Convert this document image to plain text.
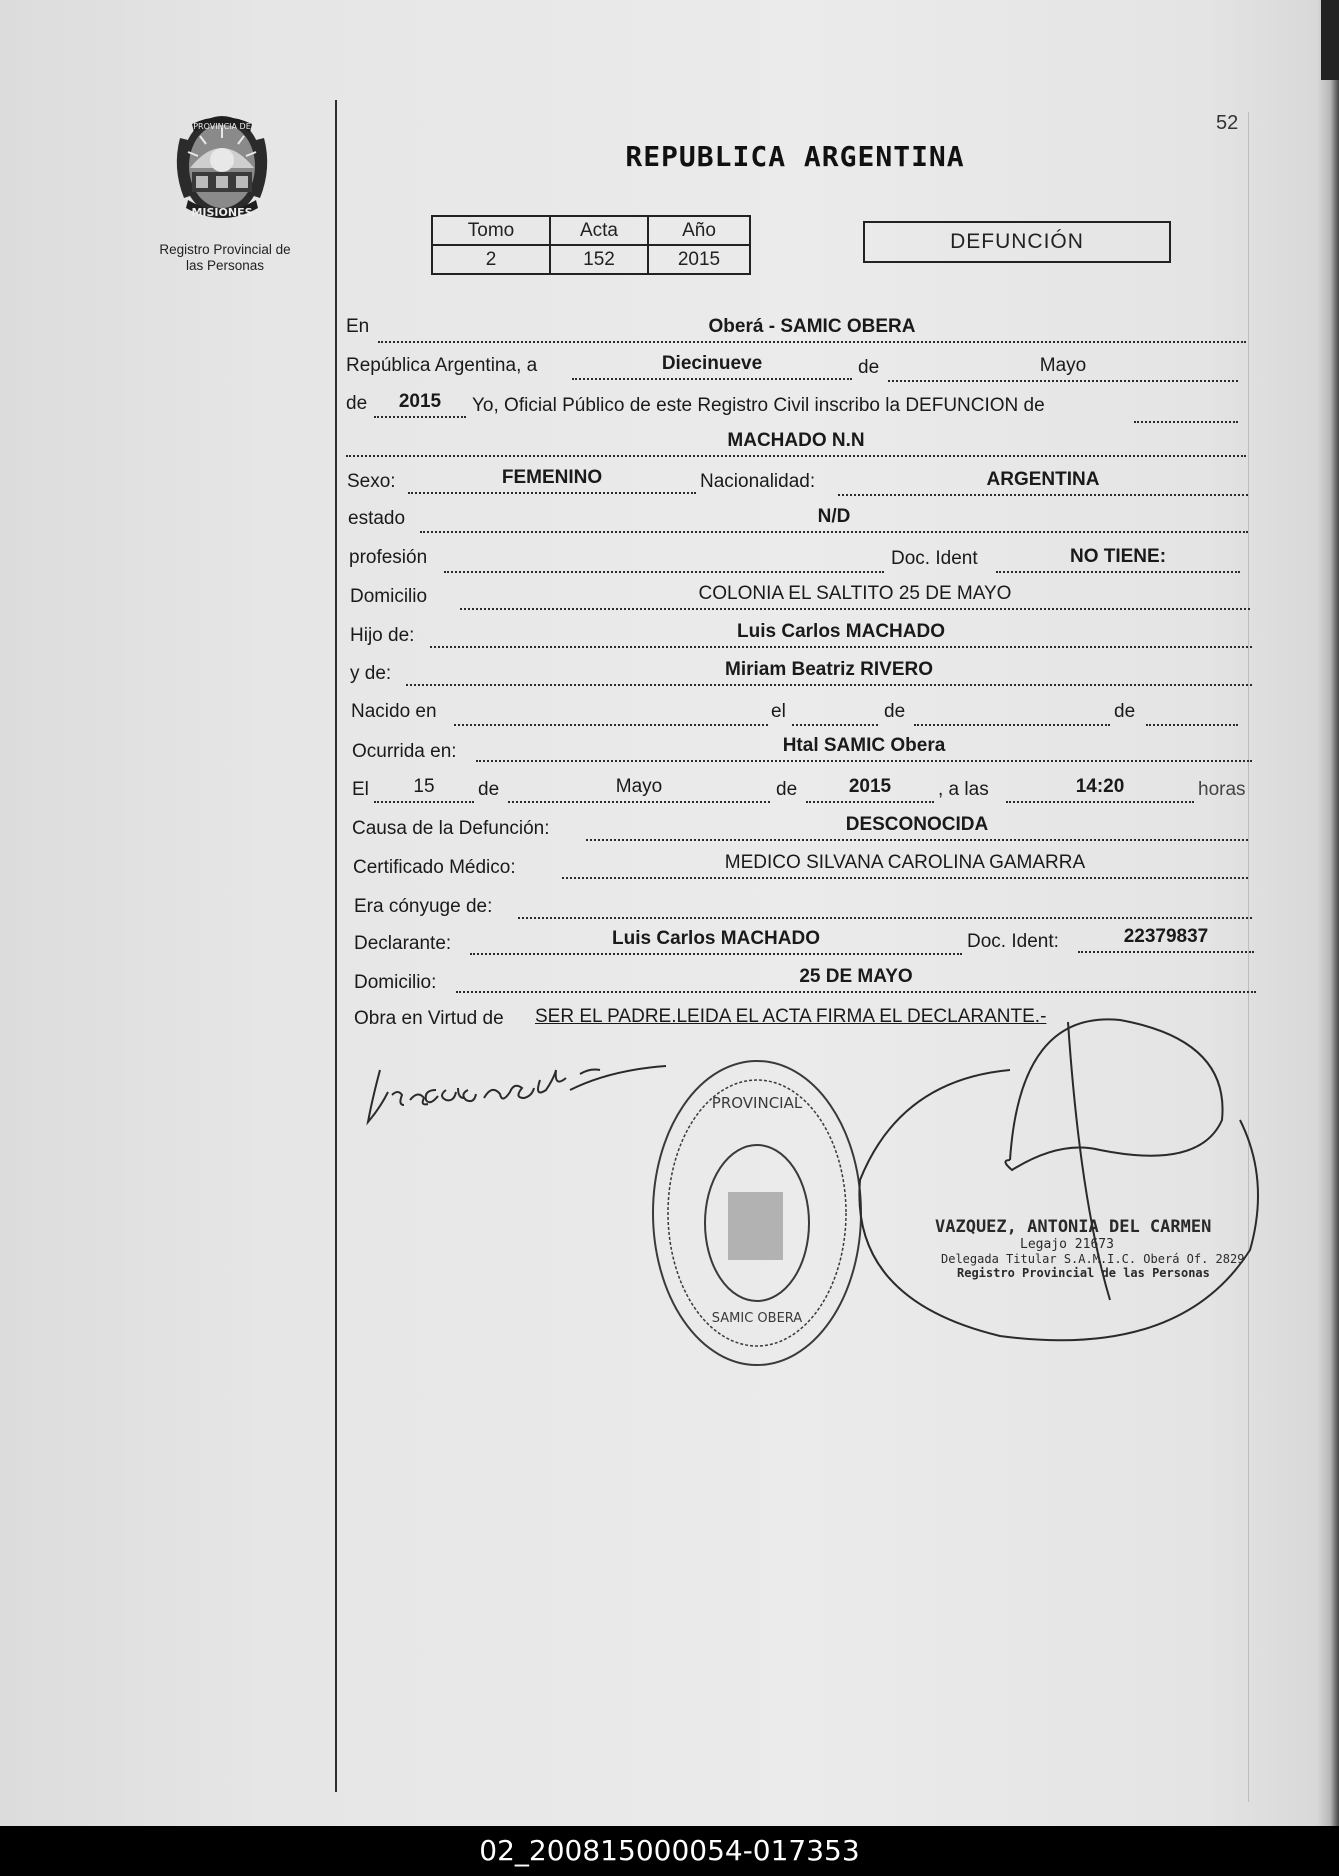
52
PROVINCIA DE
MISIONES
Registro Provincial de
las Personas
REPUBLICA ARGENTINA
Tomo	Acta	Año
2	152	2015
DEFUNCIÓN
En	Oberá - SAMIC OBERA
República Argentina, a	Diecinueve	de	Mayo
de	2015	Yo, Oficial Público de este Registro Civil inscribo la DEFUNCION de
MACHADO N.N
Sexo:	FEMENINO	Nacionalidad:	ARGENTINA
estado	N/D
profesión	Doc. Ident	NO TIENE:
Domicilio	COLONIA EL SALTITO 25 DE MAYO
Hijo de:	Luis Carlos MACHADO
y de:	Miriam Beatriz RIVERO
Nacido en	el	de	de
Ocurrida en:	Htal SAMIC Obera
El	15	de	Mayo	de	2015	, a las	14:20	horas
Causa de la Defunción:	DESCONOCIDA
Certificado Médico:	MEDICO SILVANA CAROLINA GAMARRA
Era cónyuge de:
Declarante:	Luis Carlos MACHADO	Doc. Ident:	22379837
Domicilio:	25 DE MAYO
Obra en Virtud de SER EL PADRE.LEIDA EL ACTA FIRMA EL DECLARANTE.-
PROVINCIAL
SAMIC OBERA
VAZQUEZ, ANTONIA DEL CARMEN
Legajo 21673
Delegada Titular S.A.M.I.C. Oberá Of. 2829
Registro Provincial de las Personas
02_200815000054-017353
